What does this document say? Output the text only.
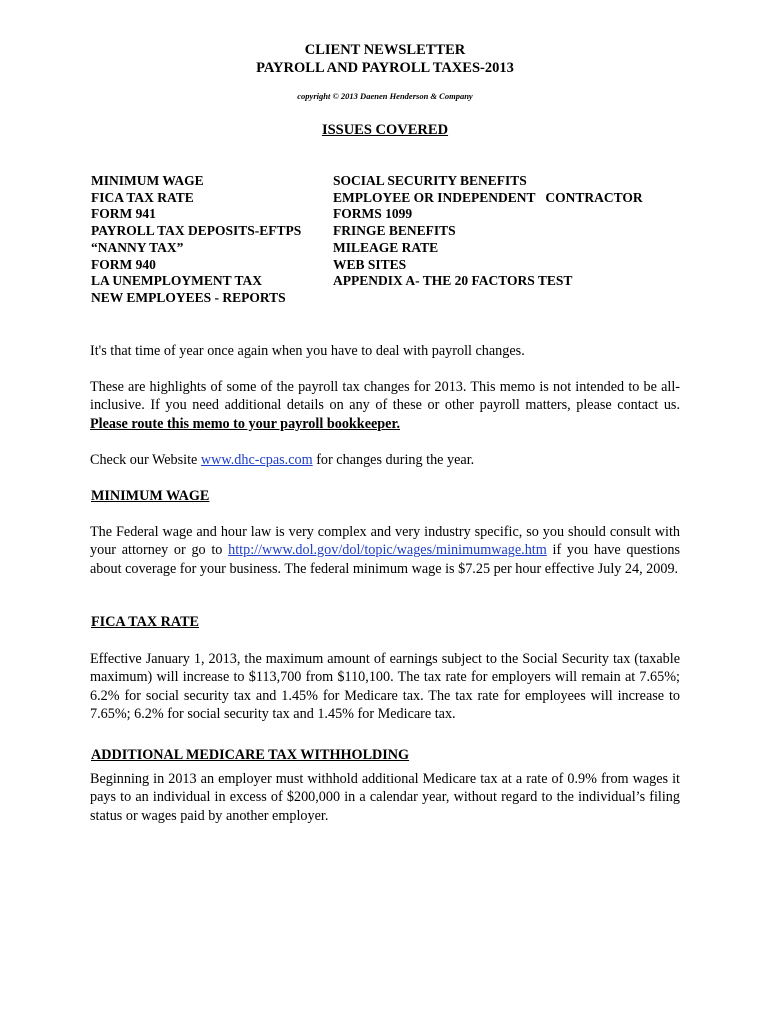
CLIENT NEWSLETTER
PAYROLL AND PAYROLL TAXES-2013
copyright © 2013 Daenen Henderson & Company
ISSUES COVERED
MINIMUM WAGE
FICA TAX RATE
FORM 941
PAYROLL TAX DEPOSITS-EFTPS
“NANNY TAX”
FORM 940
LA UNEMPLOYMENT TAX
NEW EMPLOYEES - REPORTS
SOCIAL SECURITY BENEFITS
EMPLOYEE OR INDEPENDENT   CONTRACTOR
FORMS 1099
FRINGE BENEFITS
MILEAGE RATE
WEB SITES
APPENDIX A- THE 20 FACTORS TEST
It's that time of year once again when you have to deal with payroll changes.
These are highlights of some of the payroll tax changes for 2013. This memo is not intended to be all-inclusive. If you need additional details on any of these or other payroll matters, please contact us. Please route this memo to your payroll bookkeeper.
Check our Website www.dhc-cpas.com for changes during the year.
MINIMUM WAGE
The Federal wage and hour law is very complex and very industry specific, so you should consult with your attorney or go to http://www.dol.gov/dol/topic/wages/minimumwage.htm if you have questions about coverage for your business. The federal minimum wage is $7.25 per hour effective July 24, 2009.
FICA TAX RATE
Effective January 1, 2013, the maximum amount of earnings subject to the Social Security tax (taxable maximum) will increase to $113,700 from $110,100. The tax rate for employers will remain at 7.65%; 6.2% for social security tax and 1.45% for Medicare tax. The tax rate for employees will increase to 7.65%; 6.2% for social security tax and 1.45% for Medicare tax.
ADDITIONAL MEDICARE TAX WITHHOLDING
Beginning in 2013 an employer must withhold additional Medicare tax at a rate of 0.9% from wages it pays to an individual in excess of $200,000 in a calendar year, without regard to the individual’s filing status or wages paid by another employer.
